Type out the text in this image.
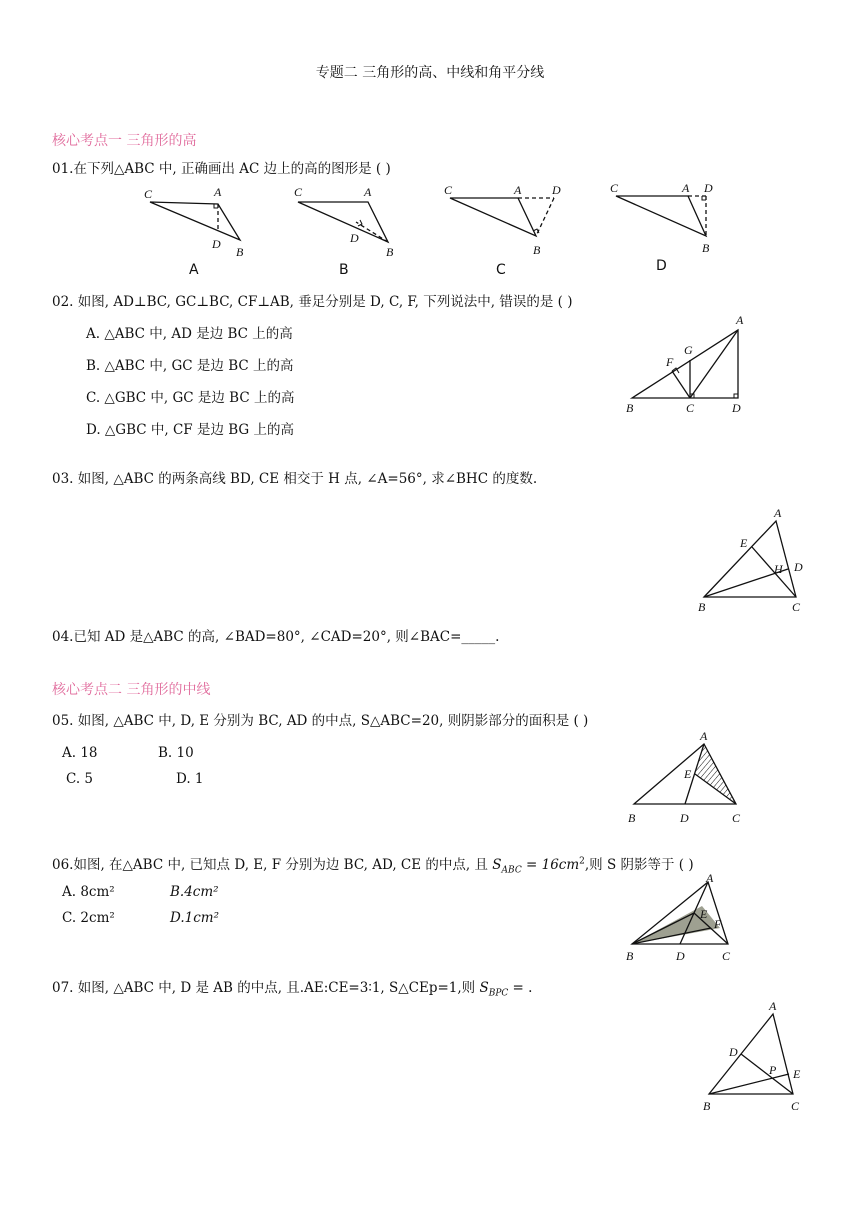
专题二 三角形的高、中线和角平分线
核心考点一 三角形的高
01.在下列△ABC 中, 正确画出 AC 边上的高的图形是 ( )
C	A
D
B
A
C	A
D
B
B
C	A	D
B
C
C	A D
B
D
02. 如图, AD⊥BC, GC⊥BC, CF⊥AB, 垂足分别是 D, C, F, 下列说法中, 错误的是 ( )
A. △ABC 中, AD 是边 BC 上的高
B. △ABC 中, GC 是边 BC 上的高
C. △GBC 中, GC 是边 BC 上的高
D. △GBC 中, CF 是边 BG 上的高
A
F
G
B	C	D
03. 如图, △ABC 的两条高线 BD, CE 相交于 H 点, ∠A=56°, 求∠BHC 的度数.
A
E
H D
B	C
04.已知 AD 是△ABC 的高, ∠BAD=80°, ∠CAD=20°, 则∠BAC=_____.
核心考点二 三角形的中线
05. 如图, △ABC 中, D, E 分别为 BC, AD 的中点, S△ABC=20, 则阴影部分的面积是 ( )
A. 18	B. 10
C. 5	D. 1
A
E
B	D	C
06.如图, 在△ABC 中, 已知点 D, E, F 分别为边 BC, AD, CE 的中点, 且 $S_{ABC} = 16cm^2$,则 S 阴影等于 ( )
A. 8cm²	B.4cm²
C. 2cm²	D.1cm²
A
E
F
B	D	C
07. 如图, △ABC 中, D 是 AB 的中点, 且.AE:CE=3∶1, S△CEp=1,则 $S_{BPC}$ = .
A
D
P E
B	C
